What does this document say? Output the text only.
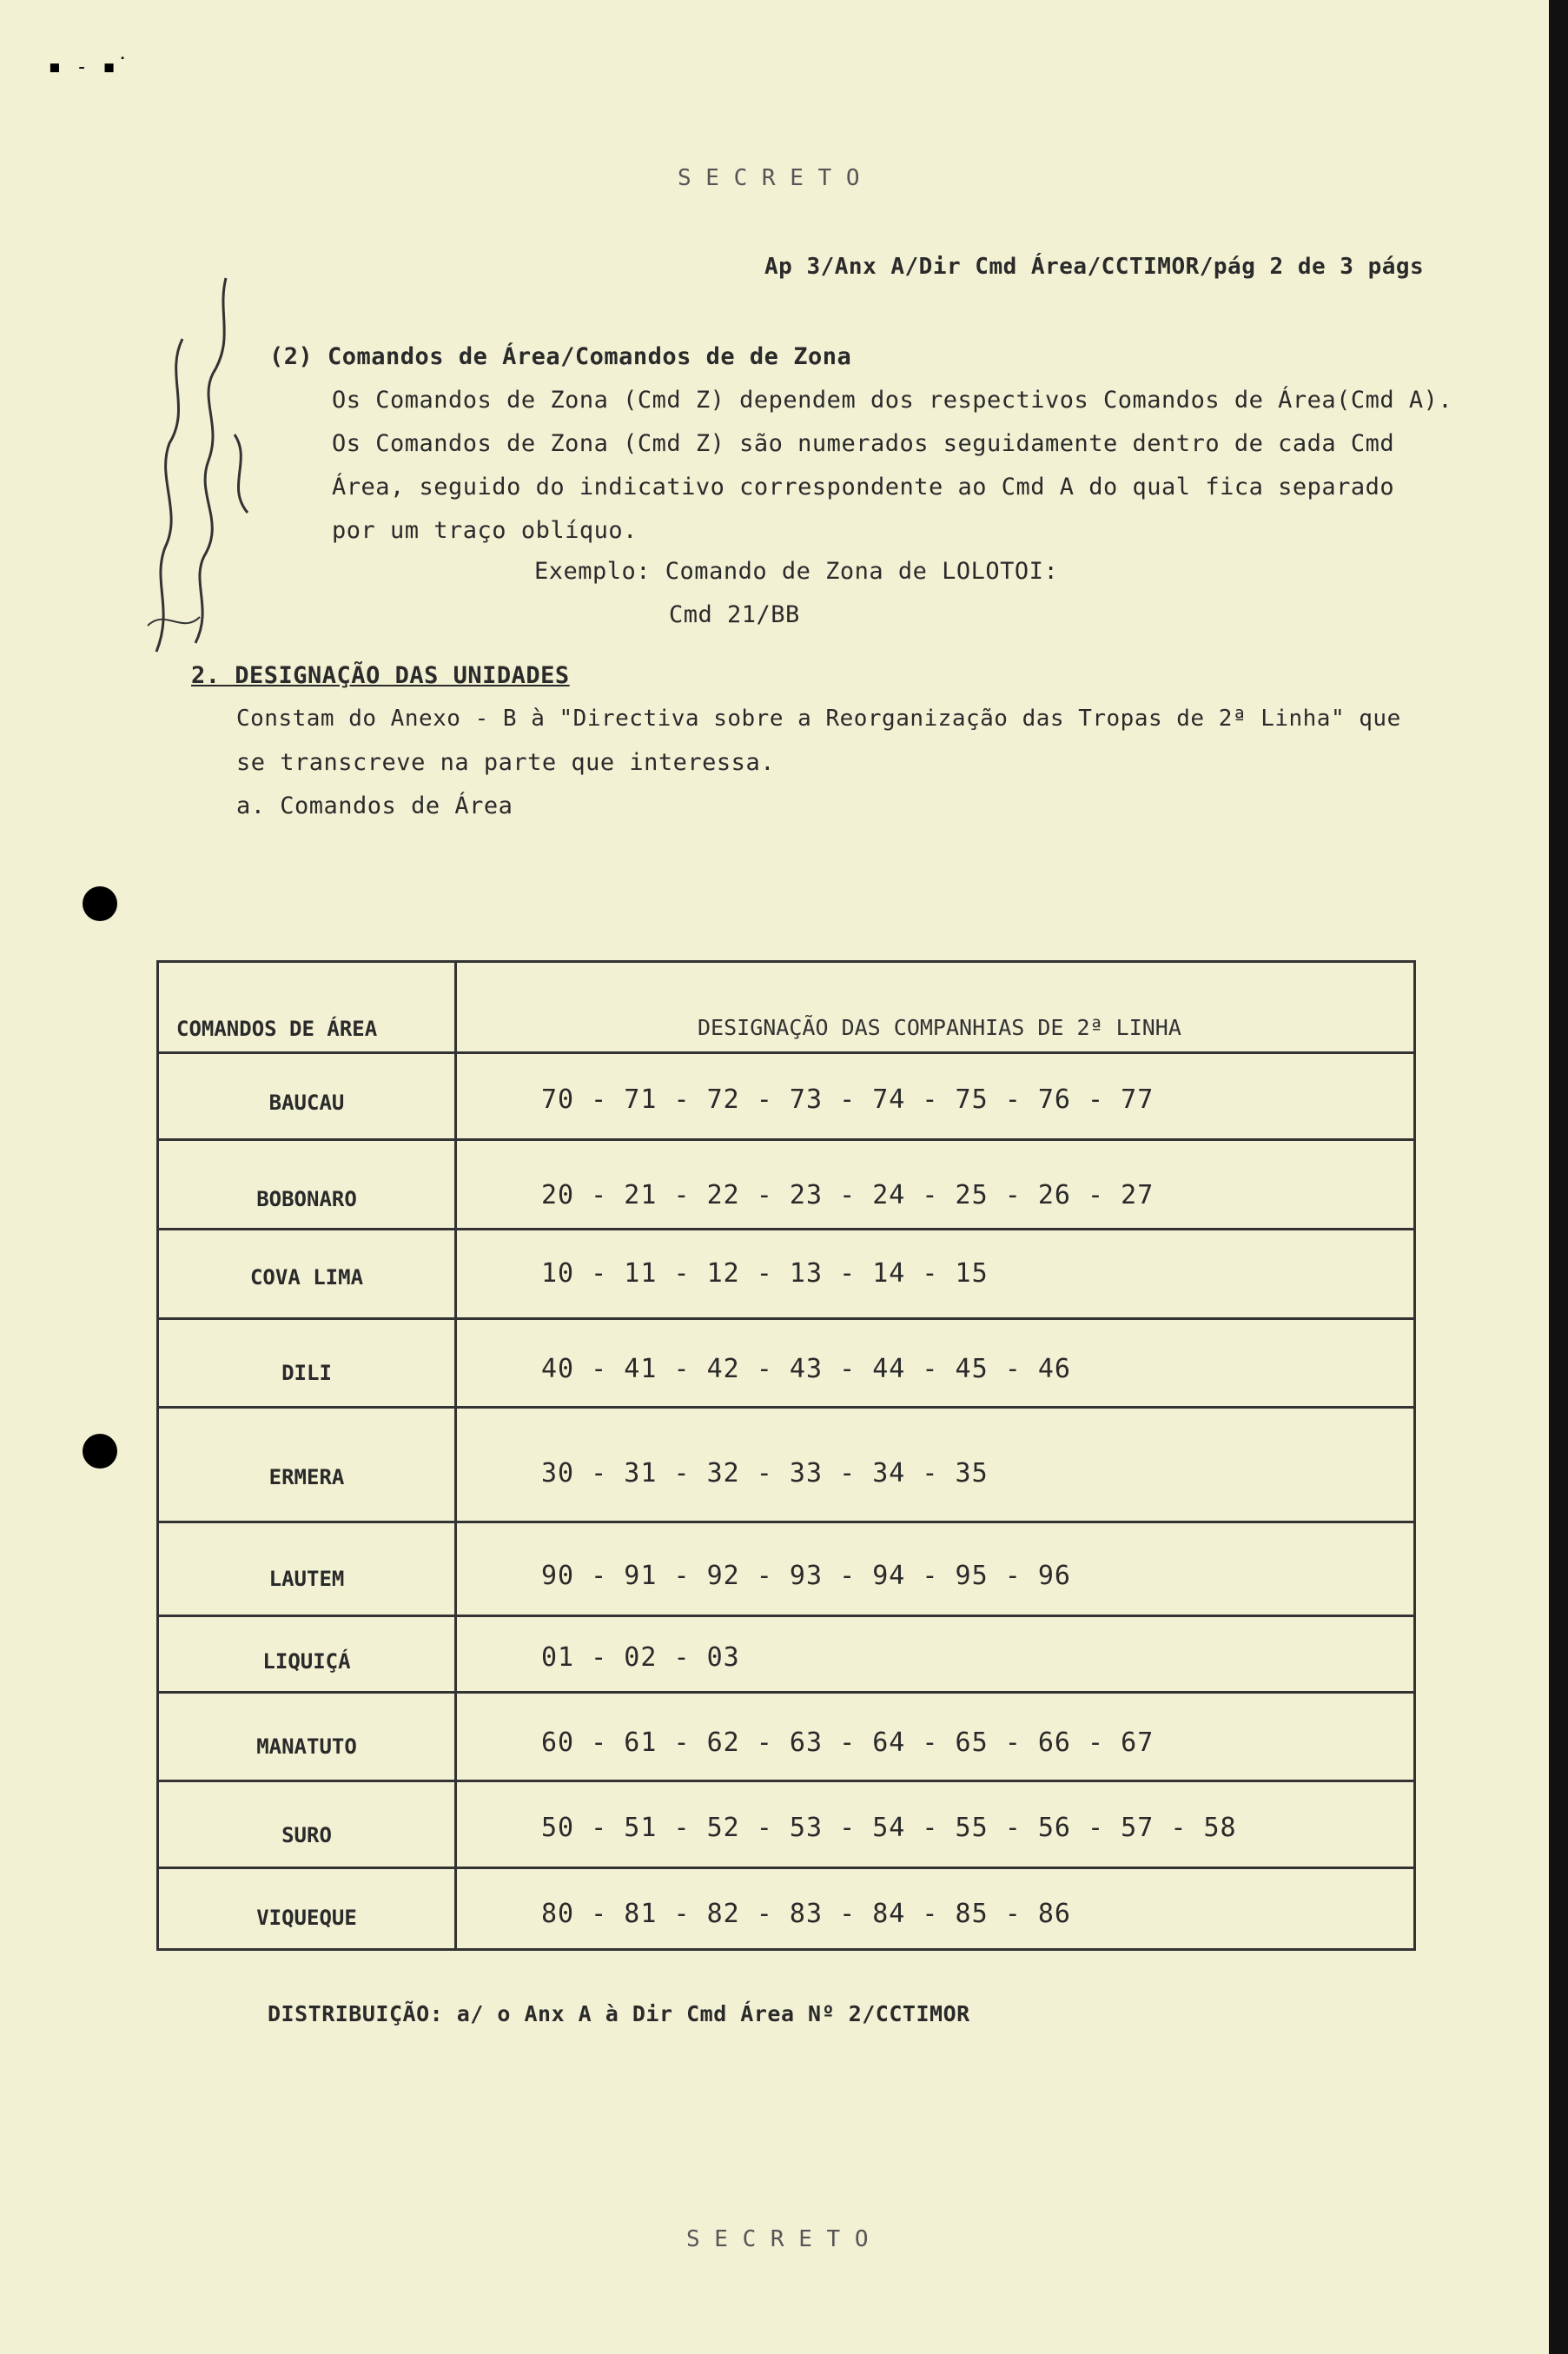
▪ ˗ ▪˙
S E C R E T O
Ap 3/Anx A/Dir Cmd Área/CCTIMOR/pág 2 de 3 págs
(2) Comandos de Área/Comandos de de Zona
Os Comandos de Zona (Cmd Z) dependem dos respectivos Comandos de Área(Cmd A).
Os Comandos de Zona (Cmd Z) são numerados seguidamente dentro de cada Cmd
Área, seguido do indicativo correspondente ao Cmd A do qual fica separado
por um traço oblíquo.
Exemplo: Comando de Zona de LOLOTOI:
Cmd 21/BB
2. DESIGNAÇÃO DAS UNIDADES
Constam do Anexo - B à "Directiva sobre a Reorganização das Tropas de 2ª Linha" que
se transcreve na parte que interessa.
a. Comandos de Área
COMANDOS DE ÁREA	DESIGNAÇÃO DAS COMPANHIAS DE 2ª LINHA
BAUCAU	70 - 71 - 72 - 73 - 74 - 75 - 76 - 77
BOBONARO	20 - 21 - 22 - 23 - 24 - 25 - 26 - 27
COVA LIMA	10 - 11 - 12 - 13 - 14 - 15
DILI	40 - 41 - 42 - 43 - 44 - 45 - 46
ERMERA	30 - 31 - 32 - 33 - 34 - 35
LAUTEM	90 - 91 - 92 - 93 - 94 - 95 - 96
LIQUIÇÁ	01 - 02 - 03
MANATUTO	60 - 61 - 62 - 63 - 64 - 65 - 66 - 67
SURO	50 - 51 - 52 - 53 - 54 - 55 - 56 - 57 - 58
VIQUEQUE	80 - 81 - 82 - 83 - 84 - 85 - 86
DISTRIBUIÇÃO: a/ o Anx A à Dir Cmd Área Nº 2/CCTIMOR
S E C R E T O
